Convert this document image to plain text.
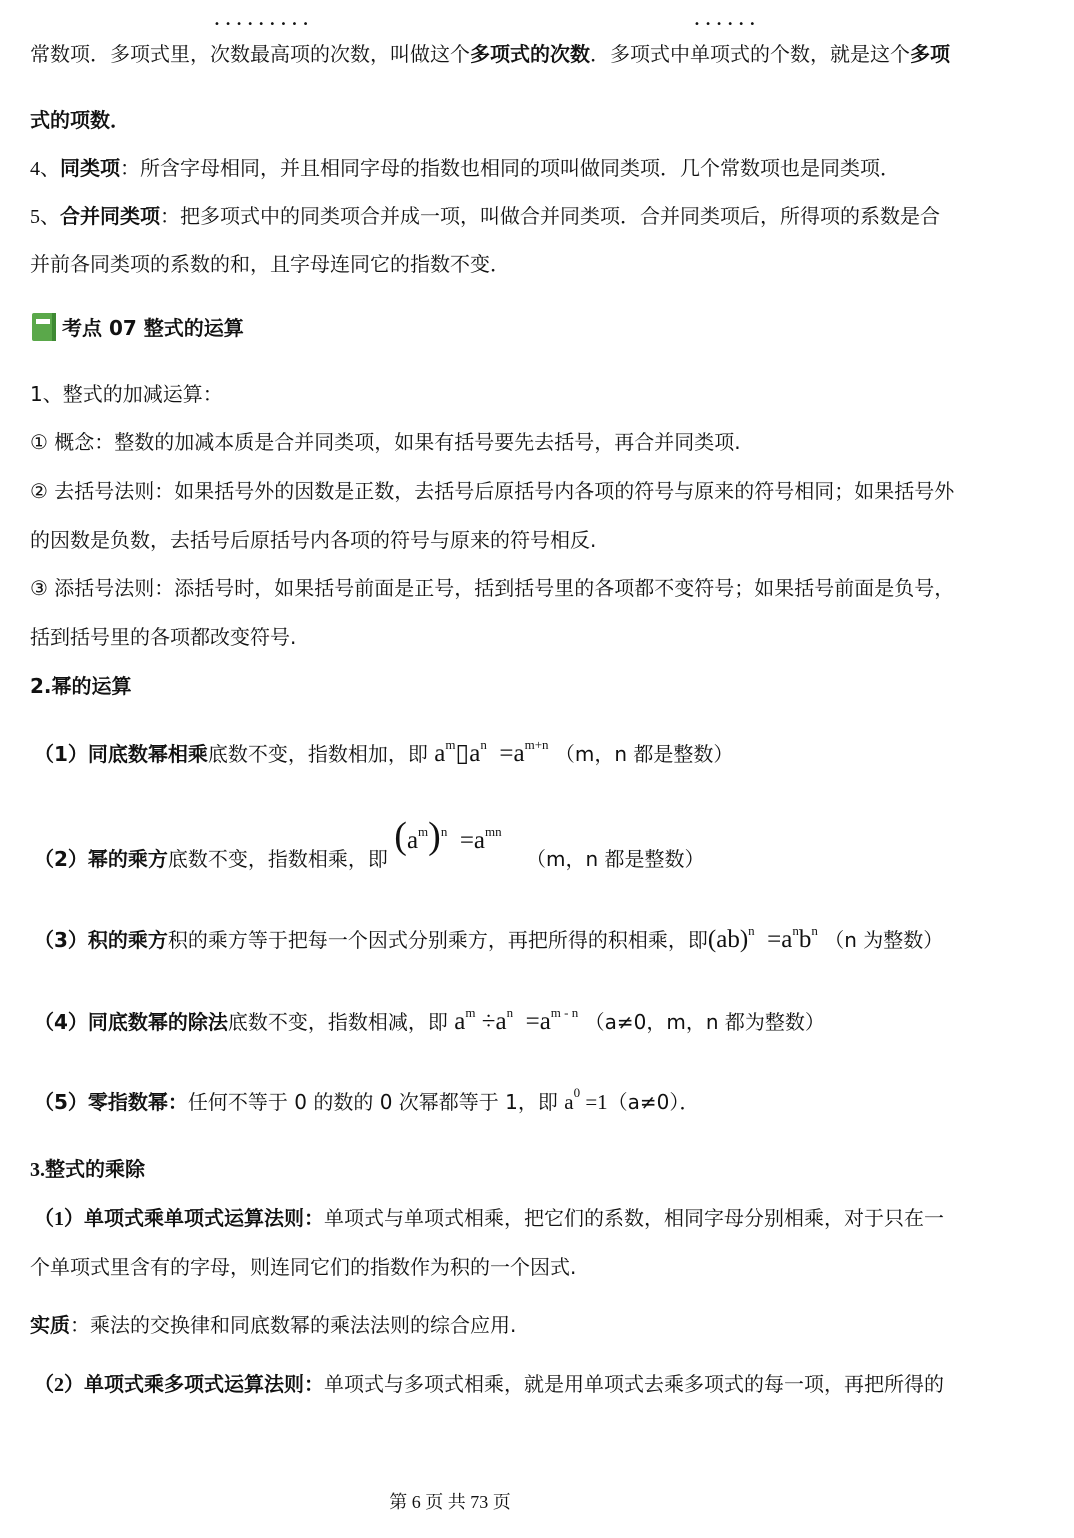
常数项．多项式里，• • 次数最高项的次数，叫做这个多项式的次数．多项式中• • 单项式的个数，就是这个多项
式的项数．
4、同类项：所含字母相同，并且相同字母的指数也相同的项叫做同类项．几个常数项也是同类项．
5、合并同类项：把多项式中的同类项合并成一项，叫做合并同类项．合并同类项后，所得项的系数是合
并前各同类项的系数的和，且字母连同它的指数不变．
考点 07 整式的运算
1、整式的加减运算：
① 概念：整数的加减本质是合并同类项，如果有括号要先去括号，再合并同类项.
② 去括号法则：如果括号外的因数是正数，去括号后原括号内各项的符号与原来的符号相同；如果括号外
的因数是负数，去括号后原括号内各项的符号与原来的符号相反.
③ 添括号法则：添括号时，如果括号前面是正号，括到括号里的各项都不变符号；如果括号前面是负号，
括到括号里的各项都改变符号.
2.幂的运算
（1）同底数幂相乘底数不变，指数相加，即 $a^m▯a^n =a^{m+n}$ （m，n 都是整数）
（2）幂的乘方底数不变，指数相乘，即 $(a^m)^n =a^{mn}$ （m，n 都是整数）
（3）积的乘方积的乘方等于把每一个因式分别乘方，再把所得的积相乘，即$(ab)^n =a^nb^n$ （n 为整数）
（4）同底数幂的除法底数不变，指数相减，即 $a^m \div a^n =a^{m - n}$ （a≠0，m，n 都为整数）
（5）零指数幂：任何不等于 0 的数的 0 次幂都等于 1，即 $a^0 =1(a\ne 0)$．
3.整式的乘除
（1）单项式乘单项式运算法则：单项式与单项式相乘，把它们的系数，相同字母分别相乘，对于只在一
个单项式里含有的字母，则连同它们的指数作为积的一个因式.
实质：乘法的交换律和同底数幂的乘法法则的综合应用.
（2）单项式乘多项式运算法则：单项式与多项式相乘，就是用单项式去乘多项式的每一项，再把所得的
第 6 页 共 73 页
